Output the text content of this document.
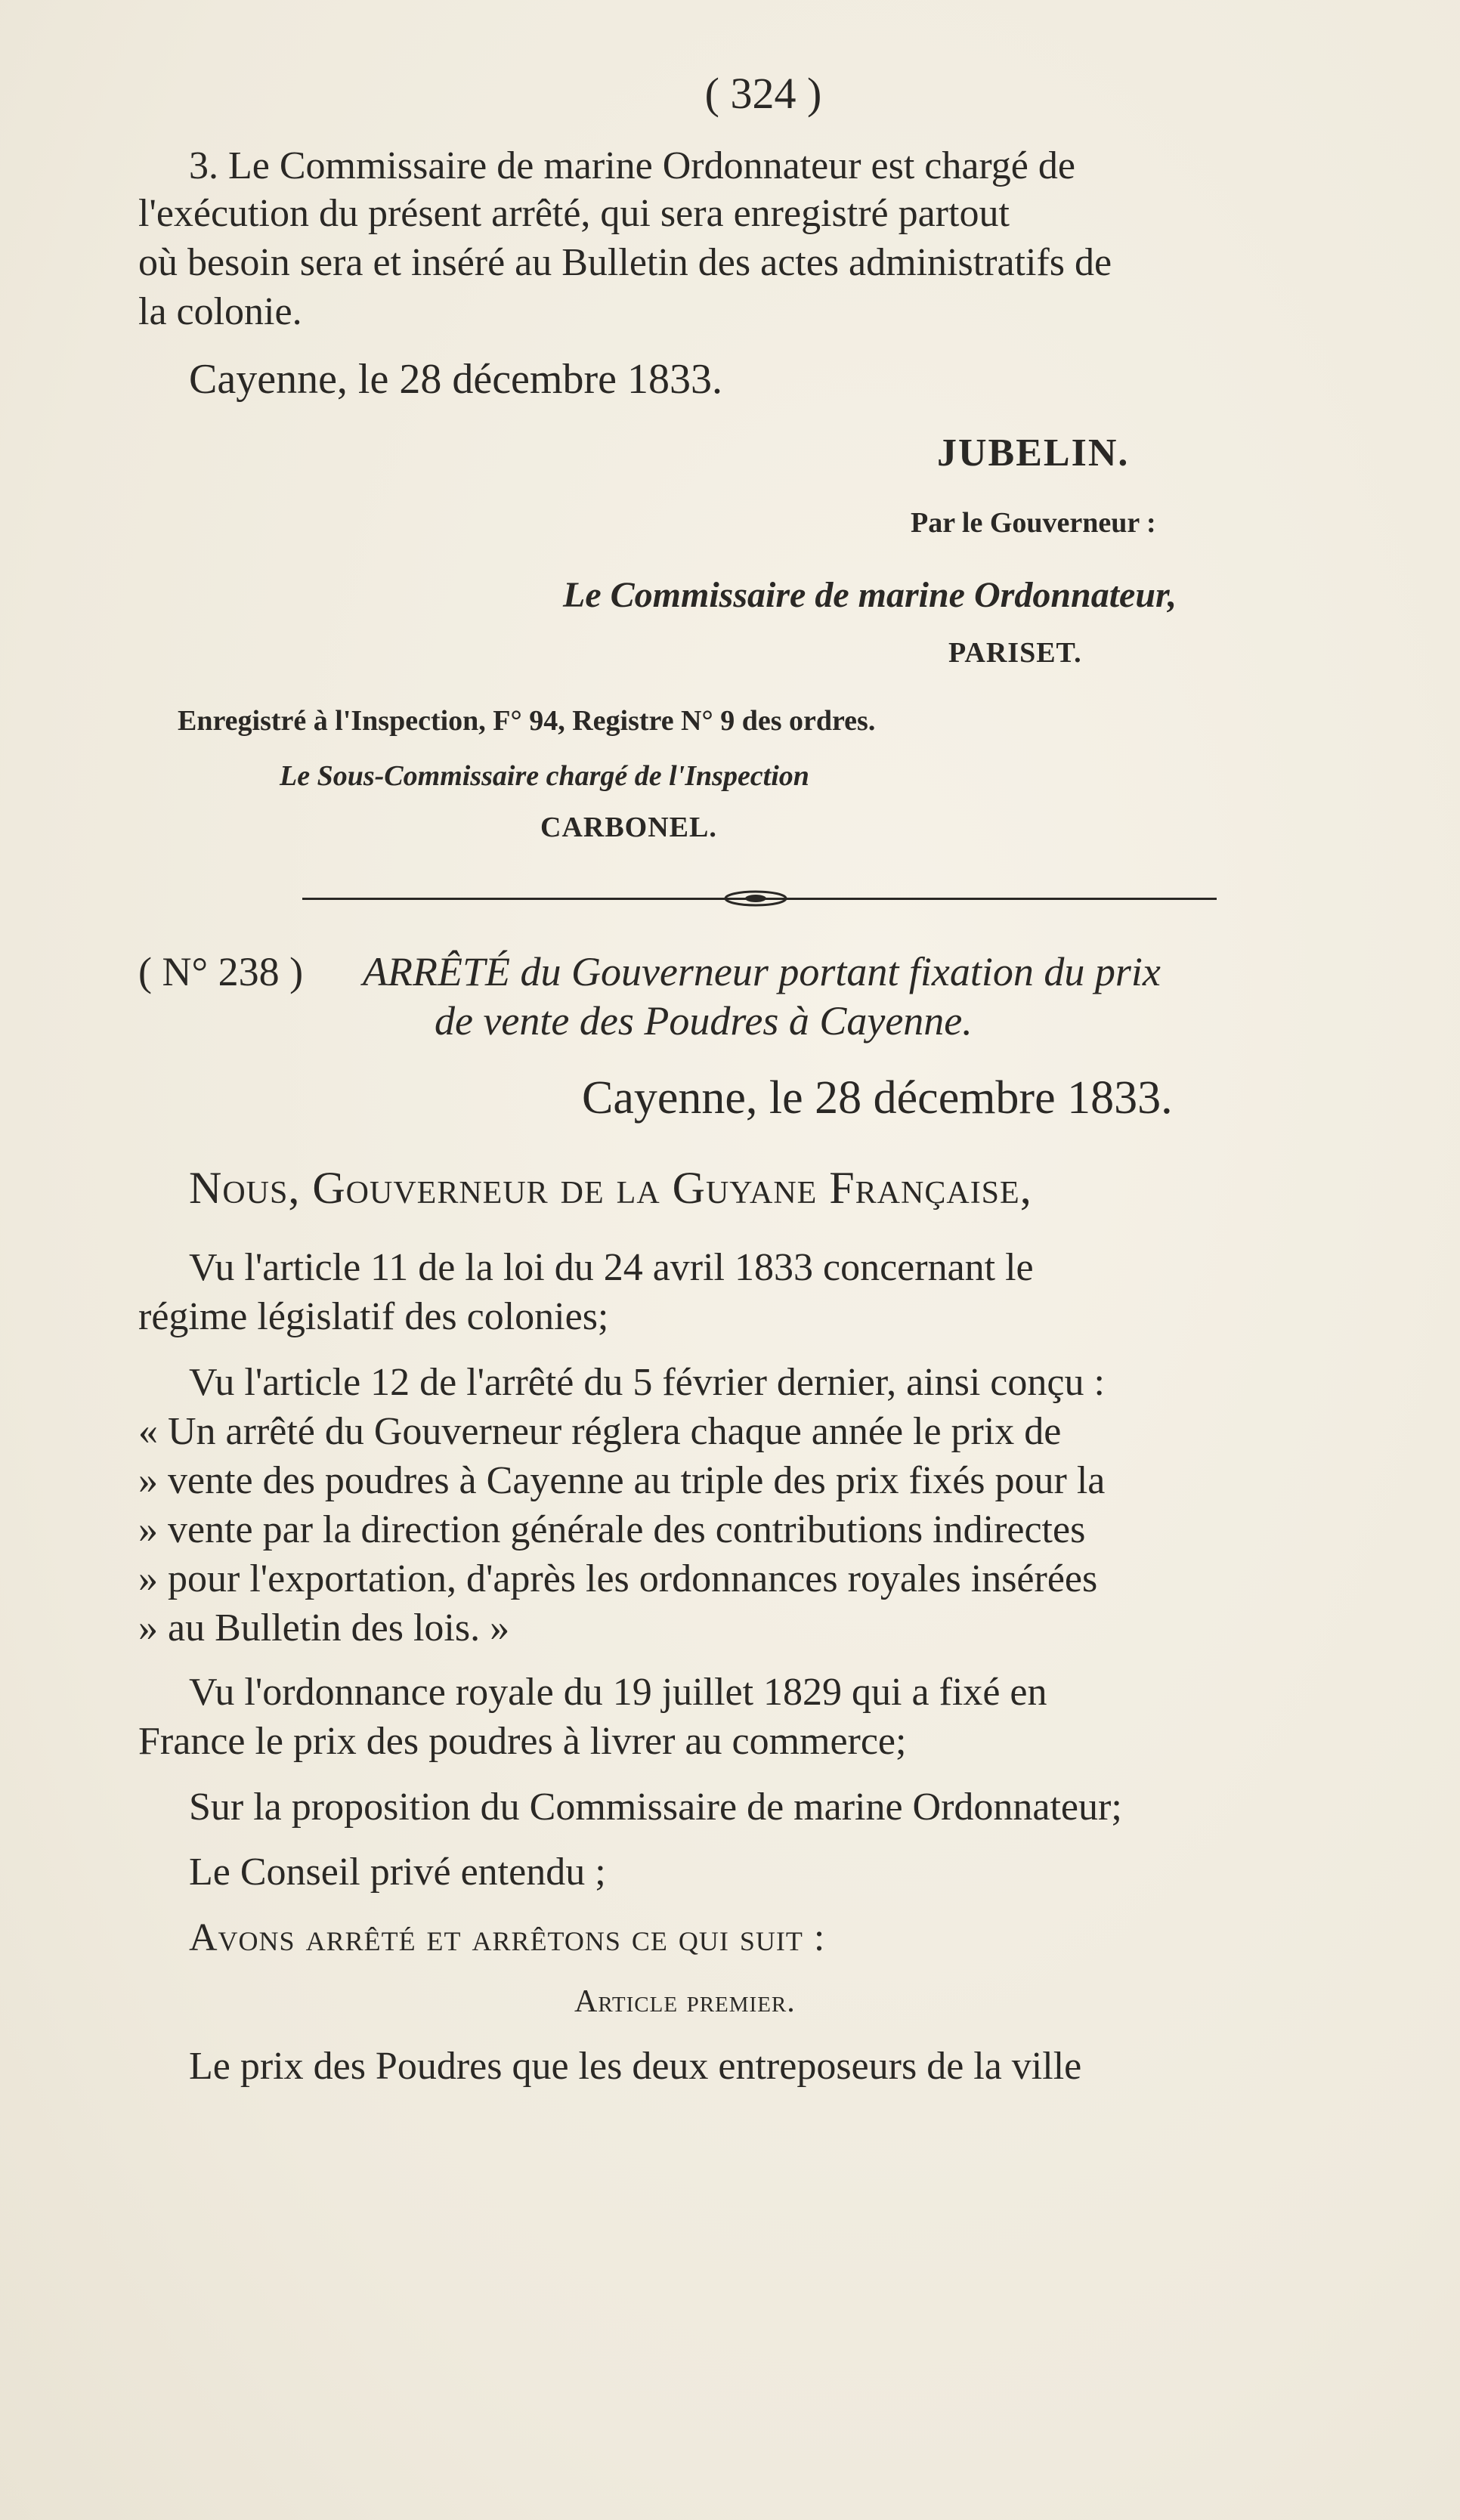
( 324 )
3. Le Commissaire de marine Ordonnateur est chargé de
l'exécution du présent arrêté, qui sera enregistré partout
où besoin sera et inséré au Bulletin des actes administratifs de
la colonie.
Cayenne, le 28 décembre 1833.
JUBELIN.
Par le Gouverneur :
Le Commissaire de marine Ordonnateur,
PARISET.
Enregistré à l'Inspection, F° 94, Registre N° 9 des ordres.
Le Sous-Commissaire chargé de l'Inspection
CARBONEL.
( N° 238 ) ARRÊTÉ du Gouverneur portant fixation du prix
de vente des Poudres à Cayenne.
Cayenne, le 28 décembre 1833.
Nous, Gouverneur de la Guyane Française,
Vu l'article 11 de la loi du 24 avril 1833 concernant le
régime législatif des colonies;
Vu l'article 12 de l'arrêté du 5 février dernier, ainsi conçu :
« Un arrêté du Gouverneur réglera chaque année le prix de
» vente des poudres à Cayenne au triple des prix fixés pour la
» vente par la direction générale des contributions indirectes
» pour l'exportation, d'après les ordonnances royales insérées
» au Bulletin des lois. »
Vu l'ordonnance royale du 19 juillet 1829 qui a fixé en
France le prix des poudres à livrer au commerce;
Sur la proposition du Commissaire de marine Ordonnateur;
Le Conseil privé entendu ;
Avons arrêté et arrêtons ce qui suit :
Article premier.
Le prix des Poudres que les deux entreposeurs de la ville
